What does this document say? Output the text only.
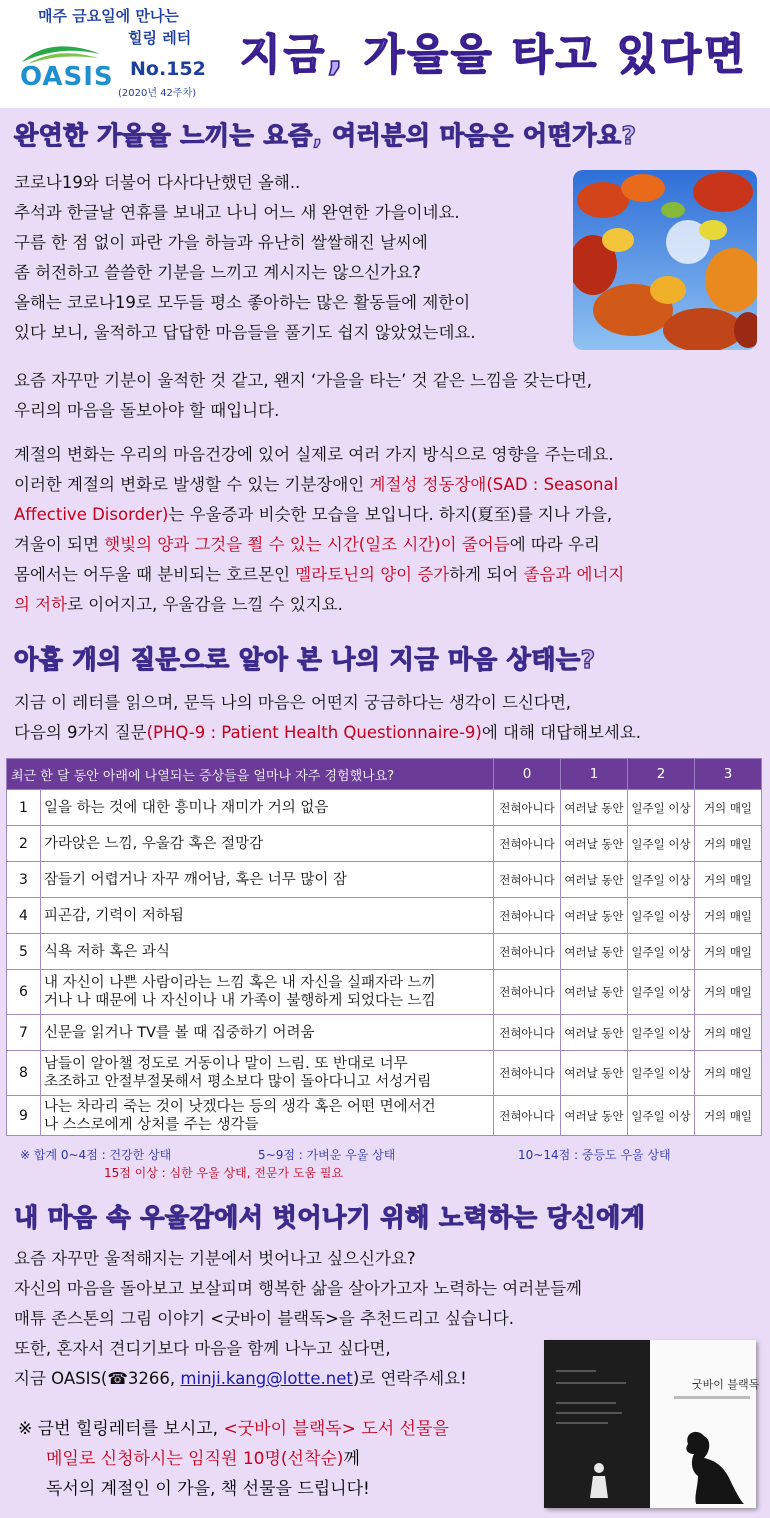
매주 금요일에 만나는
힐링 레터
OASIS No.152
(2020년 42주차)
지금, 가을을 타고 있다면
완연한 가을을 느끼는 요즘, 여러분의 마음은 어떤가요?

코로나19와 더불어 다사다난했던 올해..

추석과 한글날 연휴를 보내고 나니 어느 새 완연한 가을이네요.

구름 한 점 없이 파란 가을 하늘과 유난히 쌀쌀해진 날씨에

좀 허전하고 쓸쓸한 기분을 느끼고 계시지는 않으신가요?

올해는 코로나19로 모두들 평소 좋아하는 많은 활동들에 제한이

있다 보니, 울적하고 답답한 마음들을 풀기도 쉽지 않았었는데요.

요즘 자꾸만 기분이 울적한 것 같고, 왠지 ‘가을을 타는’ 것 같은 느낌을 갖는다면,

우리의 마음을 돌보아야 할 때입니다.

계절의 변화는 우리의 마음건강에 있어 실제로 여러 가지 방식으로 영향을 주는데요.

이러한 계절의 변화로 발생할 수 있는 기분장애인 계절성 정동장애(SAD : Seasonal

Affective Disorder)는 우울증과 비슷한 모습을 보입니다. 하지(夏至)를 지나 가을,

겨울이 되면 햇빛의 양과 그것을 쬘 수 있는 시간(일조 시간)이 줄어듬에 따라 우리

몸에서는 어두울 때 분비되는 호르몬인 멜라토닌의 양이 증가하게 되어 졸음과 에너지

의 저하로 이어지고, 우울감을 느낄 수 있지요.

아홉 개의 질문으로 알아 본 나의 지금 마음 상태는?

지금 이 레터를 읽으며, 문득 나의 마음은 어떤지 궁금하다는 생각이 드신다면,

다음의 9가지 질문(PHQ-9 : Patient Health Questionnaire-9)에 대해 대답해보세요.

최근 한 달 동안 아래에 나열되는 증상들을 얼마나 자주 경험했나요?		0	1	2	3
1	일을 하는 것에 대한 흥미나 재미가 거의 없음	전혀아니다	여러날 동안	일주일 이상	거의 매일
2	가라앉은 느낌, 우울감 혹은 절망감	전혀아니다	여러날 동안	일주일 이상	거의 매일
3	잠들기 어렵거나 자꾸 깨어남, 혹은 너무 많이 잠	전혀아니다	여러날 동안	일주일 이상	거의 매일
4	피곤감, 기력이 저하됨	전혀아니다	여러날 동안	일주일 이상	거의 매일
5	식욕 저하 혹은 과식	전혀아니다	여러날 동안	일주일 이상	거의 매일
6	내 자신이 나쁜 사람이라는 느낌 혹은 내 자신을 실패자라 느끼
거나 나 때문에 나 자신이나 내 가족이 불행하게 되었다는 느낌	전혀아니다	여러날 동안	일주일 이상	거의 매일
7	신문을 읽거나 TV를 볼 때 집중하기 어려움	전혀아니다	여러날 동안	일주일 이상	거의 매일
8	남들이 알아챌 정도로 거동이나 말이 느림. 또 반대로 너무
초조하고 안절부절못해서 평소보다 많이 돌아다니고 서성거림	전혀아니다	여러날 동안	일주일 이상	거의 매일
9	나는 차라리 죽는 것이 낫겠다는 등의 생각 혹은 어떤 면에서건
나 스스로에게 상처를 주는 생각들	전혀아니다	여러날 동안	일주일 이상	거의 매일
※ 합계 0~4점 : 건강한 상태	5~9점 : 가벼운 우울 상태	10~14점 : 중등도 우울 상태
15점 이상 : 심한 우울 상태, 전문가 도움 필요
내 마음 속 우울감에서 벗어나기 위해 노력하는 당신에게

요즘 자꾸만 울적해지는 기분에서 벗어나고 싶으신가요?

자신의 마음을 돌아보고 보살피며 행복한 삶을 살아가고자 노력하는 여러분들께

매튜 존스톤의 그림 이야기 <굿바이 블랙독>을 추천드리고 싶습니다.

또한, 혼자서 견디기보다 마음을 함께 나누고 싶다면,

지금 OASIS(☎3266, minji.kang@lotte.net)로 연락주세요!

※ 금번 힐링레터를 보시고, <굿바이 블랙독> 도서 선물을

메일로 신청하시는 임직원 10명(선착순)께

독서의 계절인 이 가을, 책 선물을 드립니다!

굿바이 블랙독
